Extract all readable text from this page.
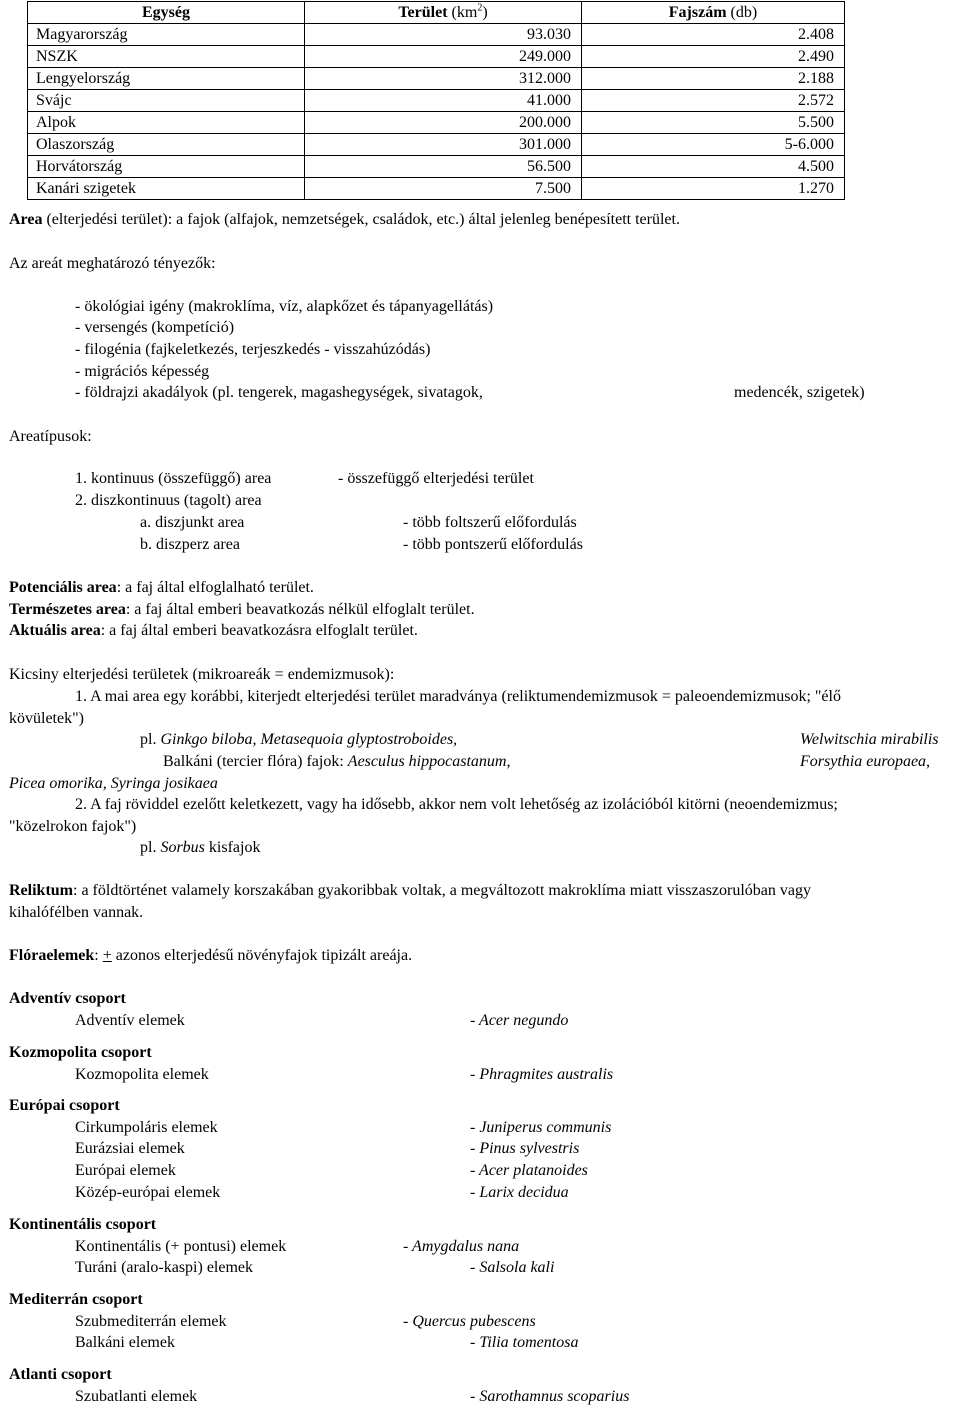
Egység	Terület $(km^2)$	Fajszám (db)
Magyarország	93.030	2.408
NSZK	249.000	2.490
Lengyelország	312.000	2.188
Svájc	41.000	2.572
Alpok	200.000	5.500
Olaszország	301.000	5-6.000
Horvátország	56.500	4.500
Kanári szigetek	7.500	1.270
Area (elterjedési terület): a fajok (alfajok, nemzetségek, családok, etc.) által jelenleg benépesített terület.
Az areát meghatározó tényezők:
- ökológiai igény (makroklíma, víz, alapkőzet és tápanyagellátás)
- versengés (kompetíció)
- filogénia (fajkeletkezés, terjeszkedés - visszahúzódás)
- migrációs képesség
- földrajzi akadályok (pl. tengerek, magashegységek, sivatagok,	medencék, szigetek)
Areatípusok:
1. kontinuus (összefüggő) area	- összefüggő elterjedési terület
2. diszkontinuus (tagolt) area
a. diszjunkt area	- több foltszerű előfordulás
b. diszperz area	- több pontszerű előfordulás
Potenciális area: a faj által elfoglalható terület.
Természetes area: a faj által emberi beavatkozás nélkül elfoglalt terület.
Aktuális area: a faj által emberi beavatkozásra elfoglalt terület.
Kicsiny elterjedési területek (mikroareák = endemizmusok):
1. A mai area egy korábbi, kiterjedt elterjedési terület maradványa (reliktumendemizmusok = paleoendemizmusok; "élő
kövületek")
pl. Ginkgo biloba, Metasequoia glyptostroboides,	Welwitschia mirabilis
Balkáni (tercier flóra) fajok: Aesculus hippocastanum,	Forsythia europaea,
Picea omorika, Syringa josikaea
2. A faj röviddel ezelőtt keletkezett, vagy ha idősebb, akkor nem volt lehetőség az izolációból kitörni (neoendemizmus;
"közelrokon fajok")
pl. Sorbus kisfajok
Reliktum: a földtörténet valamely korszakában gyakoribbak voltak, a megváltozott makroklíma miatt visszaszorulóban vagy
kihalófélben vannak.
Flóraelemek: + azonos elterjedésű növényfajok tipizált areája.
Adventív csoport
Adventív elemek	- Acer negundo
Kozmopolita csoport
Kozmopolita elemek	- Phragmites australis
Európai csoport
Cirkumpoláris elemek	- Juniperus communis
Eurázsiai elemek	- Pinus sylvestris
Európai elemek	- Acer platanoides
Közép-európai elemek	- Larix decidua
Kontinentális csoport
Kontinentális (+ pontusi) elemek	- Amygdalus nana
Turáni (aralo-kaspi) elemek	- Salsola kali
Mediterrán csoport
Szubmediterrán elemek	- Quercus pubescens
Balkáni elemek	- Tilia tomentosa
Atlanti csoport
Szubatlanti elemek	- Sarothamnus scoparius
